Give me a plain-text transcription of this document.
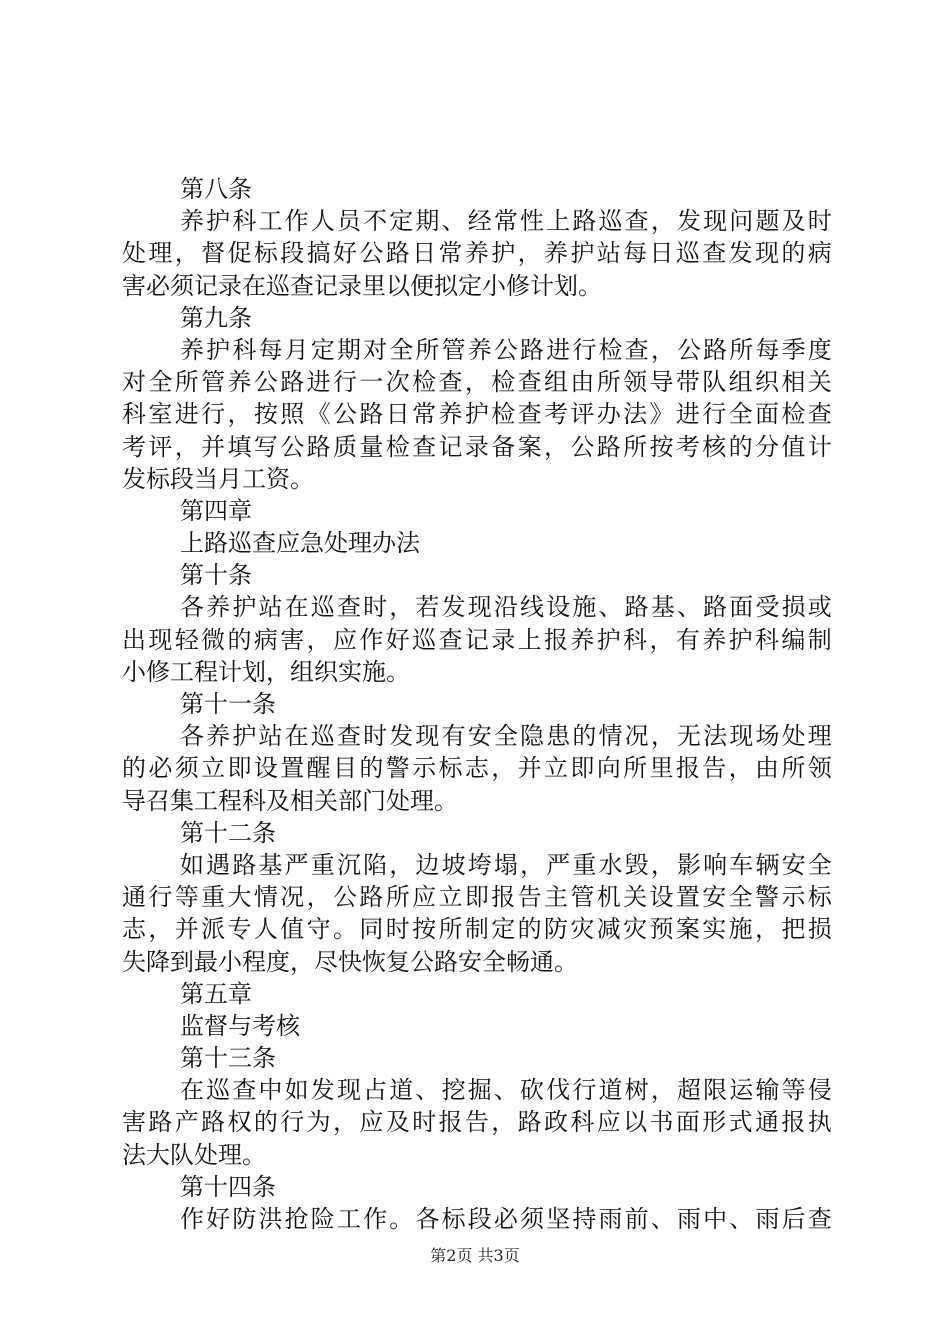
第八条
养 护 科 工 作 人 员 不 定 期 、 经 常 性 上 路 巡 查 ， 发 现 问 题 及 时
处 理 ， 督 促 标 段 搞 好 公 路 日 常 养 护 ， 养 护 站 每 日 巡 查 发 现 的 病
害必须记录在巡查记录里以便拟定小修计划。
第九条
养 护 科 每 月 定 期 对 全 所 管 养 公 路 进 行 检 查 ， 公 路 所 每 季 度
对 全 所 管 养 公 路 进 行 一 次 检 查 ， 检 查 组 由 所 领 导 带 队 组 织 相 关
科 室 进 行 ， 按 照 《 公 路 日 常 养 护 检 查 考 评 办 法 》 进 行 全 面 检 查
考 评 ， 并 填 写 公 路 质 量 检 查 记 录 备 案 ， 公 路 所 按 考 核 的 分 值 计
发标段当月工资。
第四章
上路巡查应急处理办法
第十条
各 养 护 站 在 巡 查 时 ， 若 发 现 沿 线 设 施 、 路 基 、 路 面 受 损 或
出 现 轻 微 的 病 害 ， 应 作 好 巡 查 记 录 上 报 养 护 科 ， 有 养 护 科 编 制
小修工程计划，组织实施。
第十一条
各 养 护 站 在 巡 查 时 发 现 有 安 全 隐 患 的 情 况 ， 无 法 现 场 处 理
的 必 须 立 即 设 置 醒 目 的 警 示 标 志 ， 并 立 即 向 所 里 报 告 ， 由 所 领
导召集工程科及相关部门处理。
第十二条
如 遇 路 基 严 重 沉 陷 ， 边 坡 垮 塌 ， 严 重 水 毁 ， 影 响 车 辆 安 全
通 行 等 重 大 情 况 ， 公 路 所 应 立 即 报 告 主 管 机 关 设 置 安 全 警 示 标
志 ， 并 派 专 人 值 守 。 同 时 按 所 制 定 的 防 灾 减 灾 预 案 实 施 ， 把 损
失降到最小程度，尽快恢复公路安全畅通。
第五章
监督与考核
第十三条
在 巡 查 中 如 发 现 占 道 、 挖 掘 、 砍 伐 行 道 树 ， 超 限 运 输 等 侵
害 路 产 路 权 的 行 为 ， 应 及 时 报 告 ， 路 政 科 应 以 书 面 形 式 通 报 执
法大队处理。
第十四条
作 好 防 洪 抢 险 工 作 。 各 标 段 必 须 坚 持 雨 前 、 雨 中 、 雨 后 查
第2页 共3页
